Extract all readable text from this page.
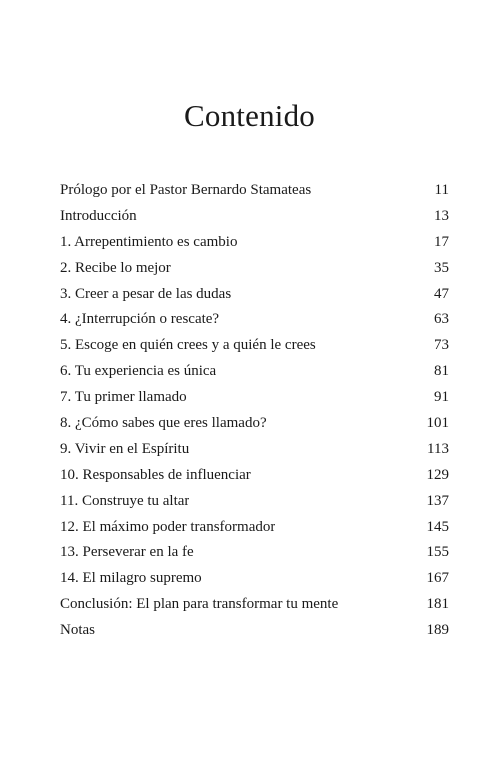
Contenido
Prólogo por el Pastor Bernardo Stamateas	11
Introducción	13
1. Arrepentimiento es cambio	17
2. Recibe lo mejor	35
3. Creer a pesar de las dudas	47
4. ¿Interrupción o rescate?	63
5. Escoge en quién crees y a quién le crees	73
6. Tu experiencia es única	81
7. Tu primer llamado	91
8. ¿Cómo sabes que eres llamado?	101
9. Vivir en el Espíritu	113
10. Responsables de influenciar	129
11. Construye tu altar	137
12. El máximo poder transformador	145
13. Perseverar en la fe	155
14. El milagro supremo	167
Conclusión: El plan para transformar tu mente	181
Notas	189
